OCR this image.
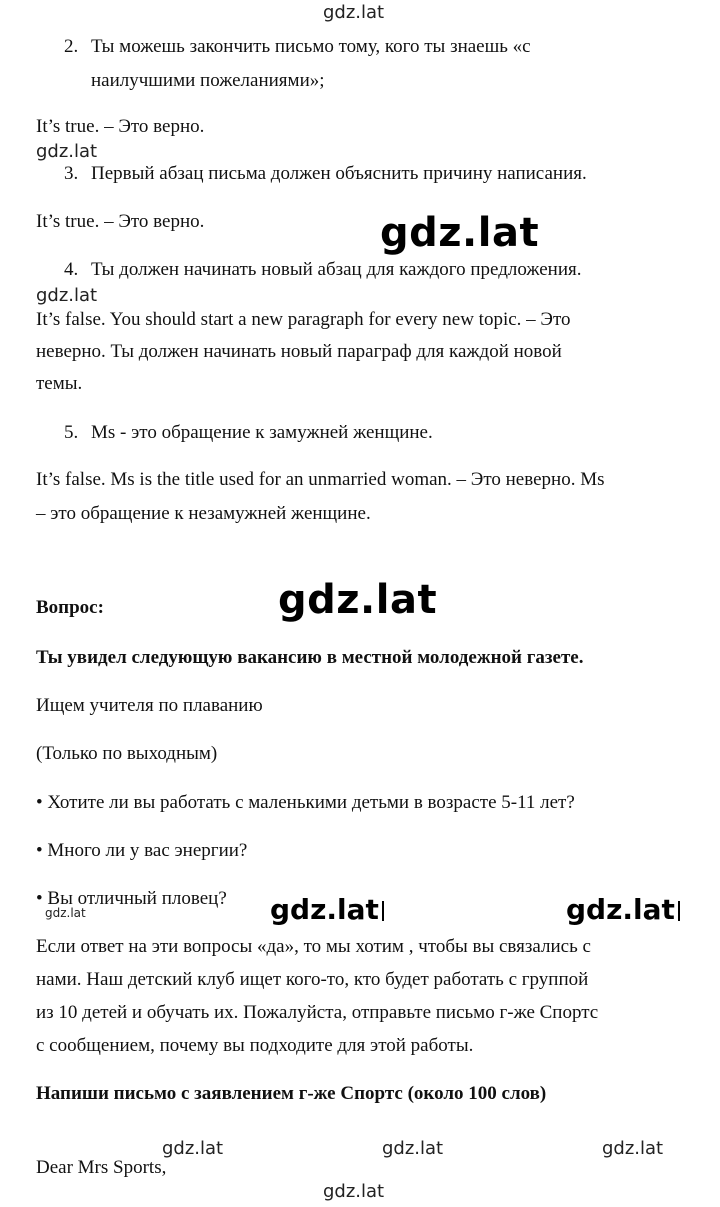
gdz.lat
gdz.lat
gdz.lat
gdz.lat
gdz.lat
gdz.lat	gdz.lat	gdz.lat
gdz.lat	gdz.lat	gdz.lat
gdz.lat
2. Ты можешь закончить письмо тому, кого ты знаешь «с
наилучшими пожеланиями»;
It’s true. – Это верно.
3. Первый абзац письма должен объяснить причину написания.
It’s true. – Это верно.
4. Ты должен начинать новый абзац для каждого предложения.
It’s false. You should start a new paragraph for every new topic. – Это
неверно. Ты должен начинать новый параграф для каждой новой
темы.
5. Ms - это обращение к замужней женщине.
It’s false. Ms is the title used for an unmarried woman. – Это неверно. Ms
– это обращение к незамужней женщине.
Вопрос:
Ты увидел следующую вакансию в местной молодежной газете.
Ищем учителя по плаванию
(Только по выходным)
• Хотите ли вы работать с маленькими детьми в возрасте 5-11 лет?
• Много ли у вас энергии?
• Вы отличный пловец?
Если ответ на эти вопросы «да», то мы хотим , чтобы вы связались с
нами. Наш детский клуб ищет кого-то, кто будет работать с группой
из 10 детей и обучать их. Пожалуйста, отправьте письмо г-же Спортс
с сообщением, почему вы подходите для этой работы.
Напиши письмо с заявлением г-же Спортс (около 100 слов)
Dear Mrs Sports,
